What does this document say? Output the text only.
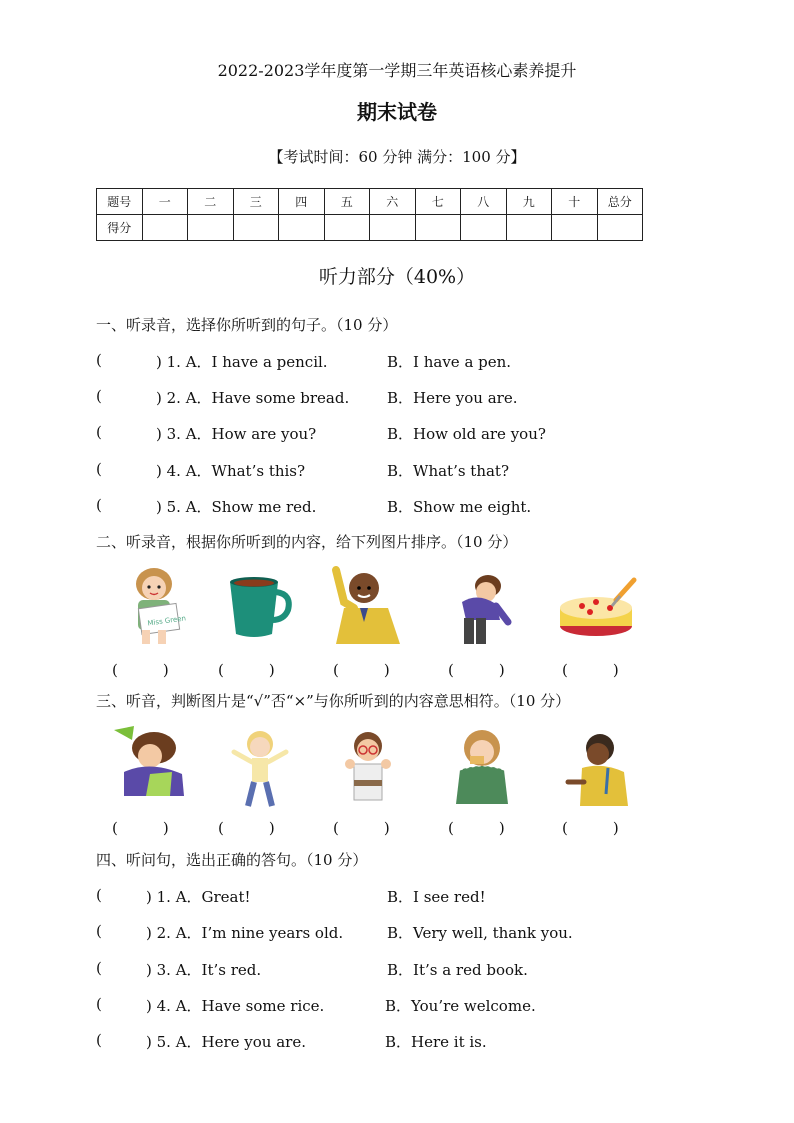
2022-2023学年度第一学期三年英语核心素养提升
期末试卷
【考试时间：60 分钟 满分：100 分】
题号	一	二	三	四	五	六	七	八	九	十	总分
得分											
听力部分（40%）
一、听录音，选择你所听到的句子。（10 分）
(	) 1. A．I have a pencil.	B．I have a pen.
(	) 2. A．Have some bread.	B．Here you are.
(	) 3. A．How are you?	B．How old are you?
(	) 4. A．What’s this?	B．What’s that?
(	) 5. A．Show me red.	B．Show me eight.
二、听录音，根据你所听到的内容，给下列图片排序。（10 分）
Miss Green
(　　　)	(　　　)	(　　　)	(　　　)	(　　　)
三、听音，判断图片是“√”否“×”与你所听到的内容意思相符。（10 分）
(　　　)	(　　　)	(　　　)	(　　　)	(　　　)
四、听问句，选出正确的答句。（10 分）
(	) 1. A．Great!	B．I see red!
(	) 2. A．I’m nine years old.	B．Very well, thank you.
(	) 3. A．It’s red.	B．It’s a red book.
(	) 4. A．Have some rice.	B．You’re welcome.
(	) 5. A．Here you are.	B．Here it is.
